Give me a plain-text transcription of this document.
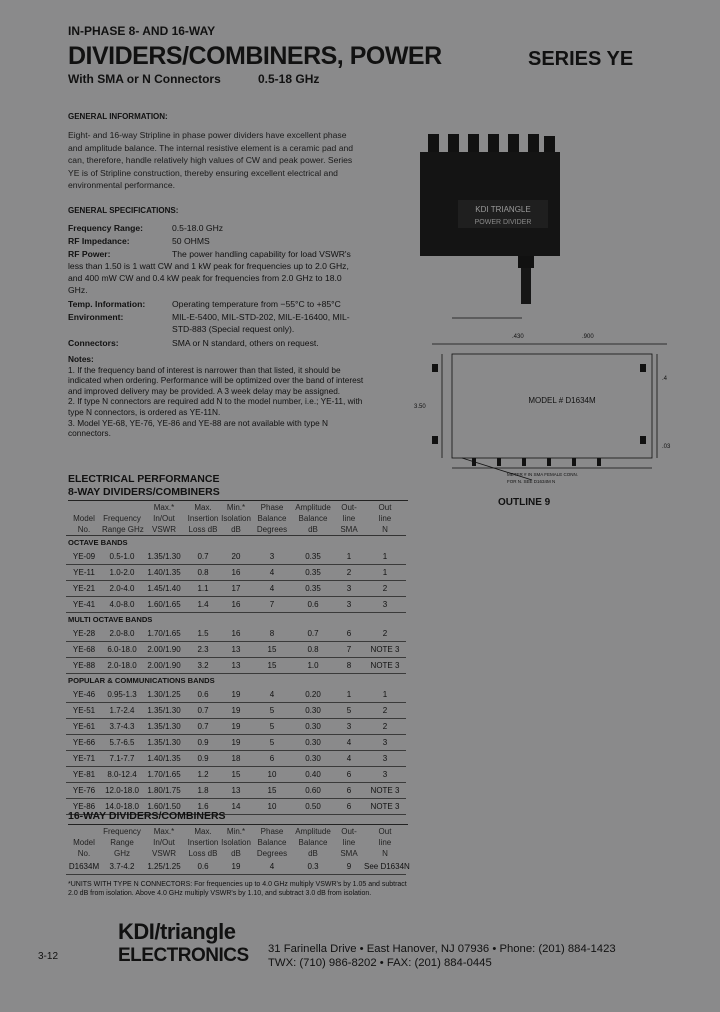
IN-PHASE 8- AND 16-WAY
DIVIDERS/COMBINERS, POWER	SERIES YE
With SMA or N Connectors	0.5-18 GHz
GENERAL INFORMATION:
Eight- and 16-way Stripline in phase power dividers have excellent phase and amplitude balance. The internal resistive element is a ceramic pad and can, therefore, handle relatively high values of CW and peak power. Series YE is of Stripline construction, thereby ensuring excellent electrical and environmental performance.
GENERAL SPECIFICATIONS:
Frequency Range:	0.5-18.0 GHz
RF Impedance:	50 OHMS
RF Power:	The power handling capability for load VSWR's
less than 1.50 is 1 watt CW and 1 kW peak for frequencies up to 2.0 GHz, and 400 mW CW and 0.4 kW peak for frequencies from 2.0 GHz to 18.0 GHz.
Temp. Information:	Operating temperature from −55°C to +85°C
Environment:	MIL-E-5400, MIL-STD-202, MIL-E-16400, MIL-STD-883 (Special request only).
Connectors:	SMA or N standard, others on request.
Notes:
1. If the frequency band of interest is narrower than that listed, it should be indicated when ordering. Performance will be optimized over the band of interest and improved delivery may be provided. A 3 week delay may be assigned.
2. If type N connectors are required add N to the model number, i.e.; YE-11, with type N connectors, is ordered as YE-11N.
3. Model YE-68, YE-76, YE-86 and YE-88 are not available with type N connectors.
KDI TRIANGLE
POWER DIVIDER
MODEL # D1634M
.430	.900
3.50
.4
.03
METER # IN SMA FEMALE CONN.
FOR N. SEE D1634M N
OUTLINE 9
ELECTRICAL PERFORMANCE
8-WAY DIVIDERS/COMBINERS
		Max.*	Max.	Min.*	Phase	Amplitude	Out-	Out
Model	Frequency	In/Out	Insertion	Isolation	Balance	Balance	line	line
No.	Range GHz	VSWR	Loss dB	dB	Degrees	dB	SMA	N
OCTAVE BANDS								
YE-09	0.5-1.0	1.35/1.30	0.7	20	3	0.35	1	1
YE-11	1.0-2.0	1.40/1.35	0.8	16	4	0.35	2	1
YE-21	2.0-4.0	1.45/1.40	1.1	17	4	0.35	3	2
YE-41	4.0-8.0	1.60/1.65	1.4	16	7	0.6	3	3
MULTI OCTAVE BANDS								
YE-28	2.0-8.0	1.70/1.65	1.5	16	8	0.7	6	2
YE-68	6.0-18.0	2.00/1.90	2.3	13	15	0.8	7	NOTE 3
YE-88	2.0-18.0	2.00/1.90	3.2	13	15	1.0	8	NOTE 3
POPULAR & COMMUNICATIONS BANDS								
YE-46	0.95-1.3	1.30/1.25	0.6	19	4	0.20	1	1
YE-51	1.7-2.4	1.35/1.30	0.7	19	5	0.30	5	2
YE-61	3.7-4.3	1.35/1.30	0.7	19	5	0.30	3	2
YE-66	5.7-6.5	1.35/1.30	0.9	19	5	0.30	4	3
YE-71	7.1-7.7	1.40/1.35	0.9	18	6	0.30	4	3
YE-81	8.0-12.4	1.70/1.65	1.2	15	10	0.40	6	3
YE-76	12.0-18.0	1.80/1.75	1.8	13	15	0.60	6	NOTE 3
YE-86	14.0-18.0	1.60/1.50	1.6	14	10	0.50	6	NOTE 3
16-WAY DIVIDERS/COMBINERS
	Frequency	Max.*	Max.	Min.*	Phase	Amplitude	Out-	Out
Model	Range	In/Out	Insertion	Isolation	Balance	Balance	line	line
No.	GHz	VSWR	Loss dB	dB	Degrees	dB	SMA	N
D1634M	3.7-4.2	1.25/1.25	0.6	19	4	0.3	9	See D1634N
*UNITS WITH TYPE N CONNECTORS: For frequencies up to 4.0 GHz multiply VSWR's by 1.05 and subtract 2.0 dB from isolation. Above 4.0 GHz multiply VSWR's by 1.10, and subtract 3.0 dB from isolation.
3-12
KDI/triangle
ELECTRONICS 31 Farinella Drive • East Hanover, NJ 07936 • Phone: (201) 884-1423
TWX: (710) 986-8202 • FAX: (201) 884-0445
